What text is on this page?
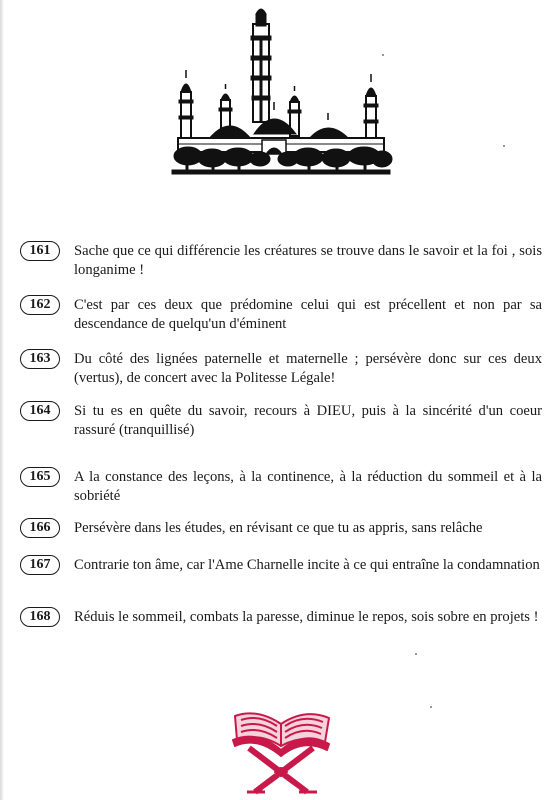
161	Sache que ce qui différencie les créatures se trouve dans le savoir et la foi , sois longanime !
162	C'est par ces deux que prédomine celui qui est précellent et non par sa descendance de quelqu'un d'éminent
163	Du côté des lignées paternelle et maternelle ; persévère donc sur ces deux (vertus), de concert avec la Politesse Légale!
164	Si tu es en quête du savoir, recours à DIEU, puis à la sincérité d'un coeur rassuré (tranquillisé)
165	A la constance des leçons, à la continence, à la réduction du sommeil et à la sobriété
166	Persévère dans les études, en révisant ce que tu as appris, sans relâche
167	Contrarie ton âme, car l'Ame Charnelle incite à ce qui entraîne la condamnation
168	Réduis le sommeil, combats la paresse, diminue le repos, sois sobre en projets !
